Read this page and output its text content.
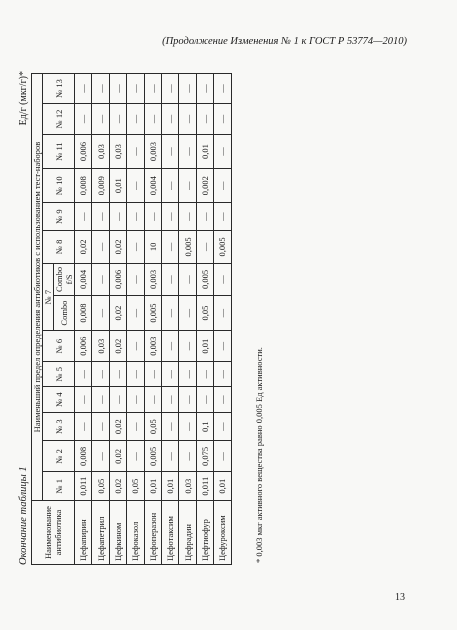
(Продолжение Изменения № 1 к ГОСТ Р 53774—2010)
Окончание таблицы 1
Ед/г (мкг/г)*
Наименование антибиотика	Наименьший предел определения антибиотиков с использованием тест-наборов													
	№ 1	№ 2	№ 3	№ 4	№ 5	№ 6	№ 7		№ 8	№ 9	№ 10	№ 11	№ 12	№ 13
							Combo	Combo f/S						
Цефапирин	0,011	0,008	—	—	—	0,006	0,008	0,004	0,02	—	0,008	0,006	—	—
Цефапетрил	0,05	—	—	—	—	0,03	—	—	—	—	0,009	0,03	—	—
Цефкином	0,02	0,02	0,02	—	—	0,02	0,02	0,006	0,02	—	0,01	0,03	—	—
Цефоказол	0,05	—	—	—	—	—	—	—	—	—	—	—	—	—
Цефоперазон	0,01	0,005	0,05	—	—	0,003	0,005	0,003	10	—	0,004	0,003	—	—
Цефотаксим	0,01	—	—	—	—	—	—	—	—	—	—	—	—	—
Цефрадин	0,03	—	—	—	—	—	—	—	0,005	—	—	—	—	—
Цефтиофур	0,011	0,075	0,1	—	—	0,01	0,05	0,005	—	—	0,002	0,01	—	—
Цефуроксим	0,01	—	—	—	—	—	—	—	0,005	—	—	—	—	—
* 0,003 мкг активного вещества равно 0,005 Ед активности.
13
